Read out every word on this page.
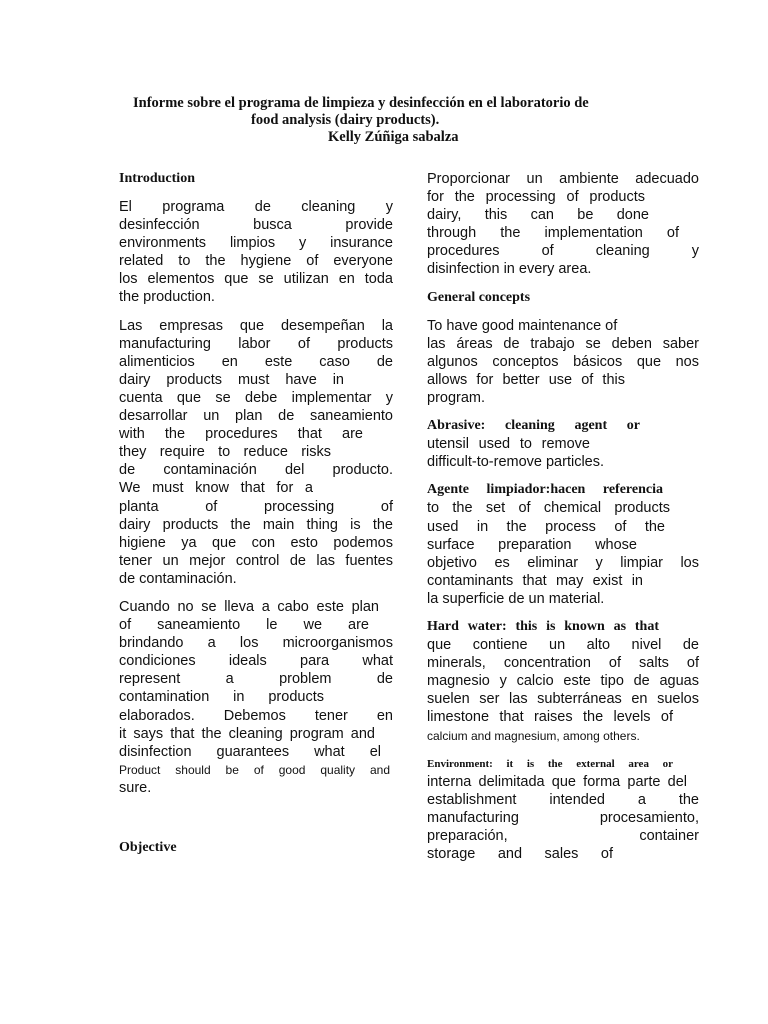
Informe sobre el programa de limpieza y desinfección en el laboratorio de
food analysis (dairy products).
Kelly Zúñiga sabalza
Introduction
El programa de cleaning y
desinfección busca provide
environments limpios y insurance
related to the hygiene of everyone
los elementos que se utilizan en toda
the production.
Las empresas que desempeñan la
manufacturing labor of products
alimenticios en este caso de
dairy products must have in
cuenta que se debe implementar y
desarrollar un plan de saneamiento
with the procedures that are
they require to reduce risks
de contaminación del producto.
We must know that for a
planta of processing of
dairy products the main thing is the
higiene ya que con esto podemos
tener un mejor control de las fuentes
de contaminación.
Cuando no se lleva a cabo este plan
of saneamiento le we are
brindando a los microorganismos
condiciones ideals para what
represent a problem de
contamination in products
elaborados. Debemos tener en
it says that the cleaning program and
disinfection guarantees what el
Product should be of good quality and
sure.
Objective
Proporcionar un ambiente adecuado
for the processing of products
dairy, this can be done
through the implementation of
procedures of cleaning y
disinfection in every area.
General concepts
To have good maintenance of
las áreas de trabajo se deben saber
algunos conceptos básicos que nos
allows for better use of this
program.
Abrasive: cleaning agent or
utensil used to remove
difficult-to-remove particles.
Agente limpiador:hacen referencia
to the set of chemical products
used in the process of the
surface preparation whose
objetivo es eliminar y limpiar los
contaminants that may exist in
la superficie de un material.
Hard water: this is known as that
que contiene un alto nivel de
minerals, concentration of salts of
magnesio y calcio este tipo de aguas
suelen ser las subterráneas en suelos
limestone that raises the levels of
calcium and magnesium, among others.
Environment: it is the external area or
interna delimitada que forma parte del
establishment intended a the
manufacturing procesamiento,
preparación, container
storage and sales of
